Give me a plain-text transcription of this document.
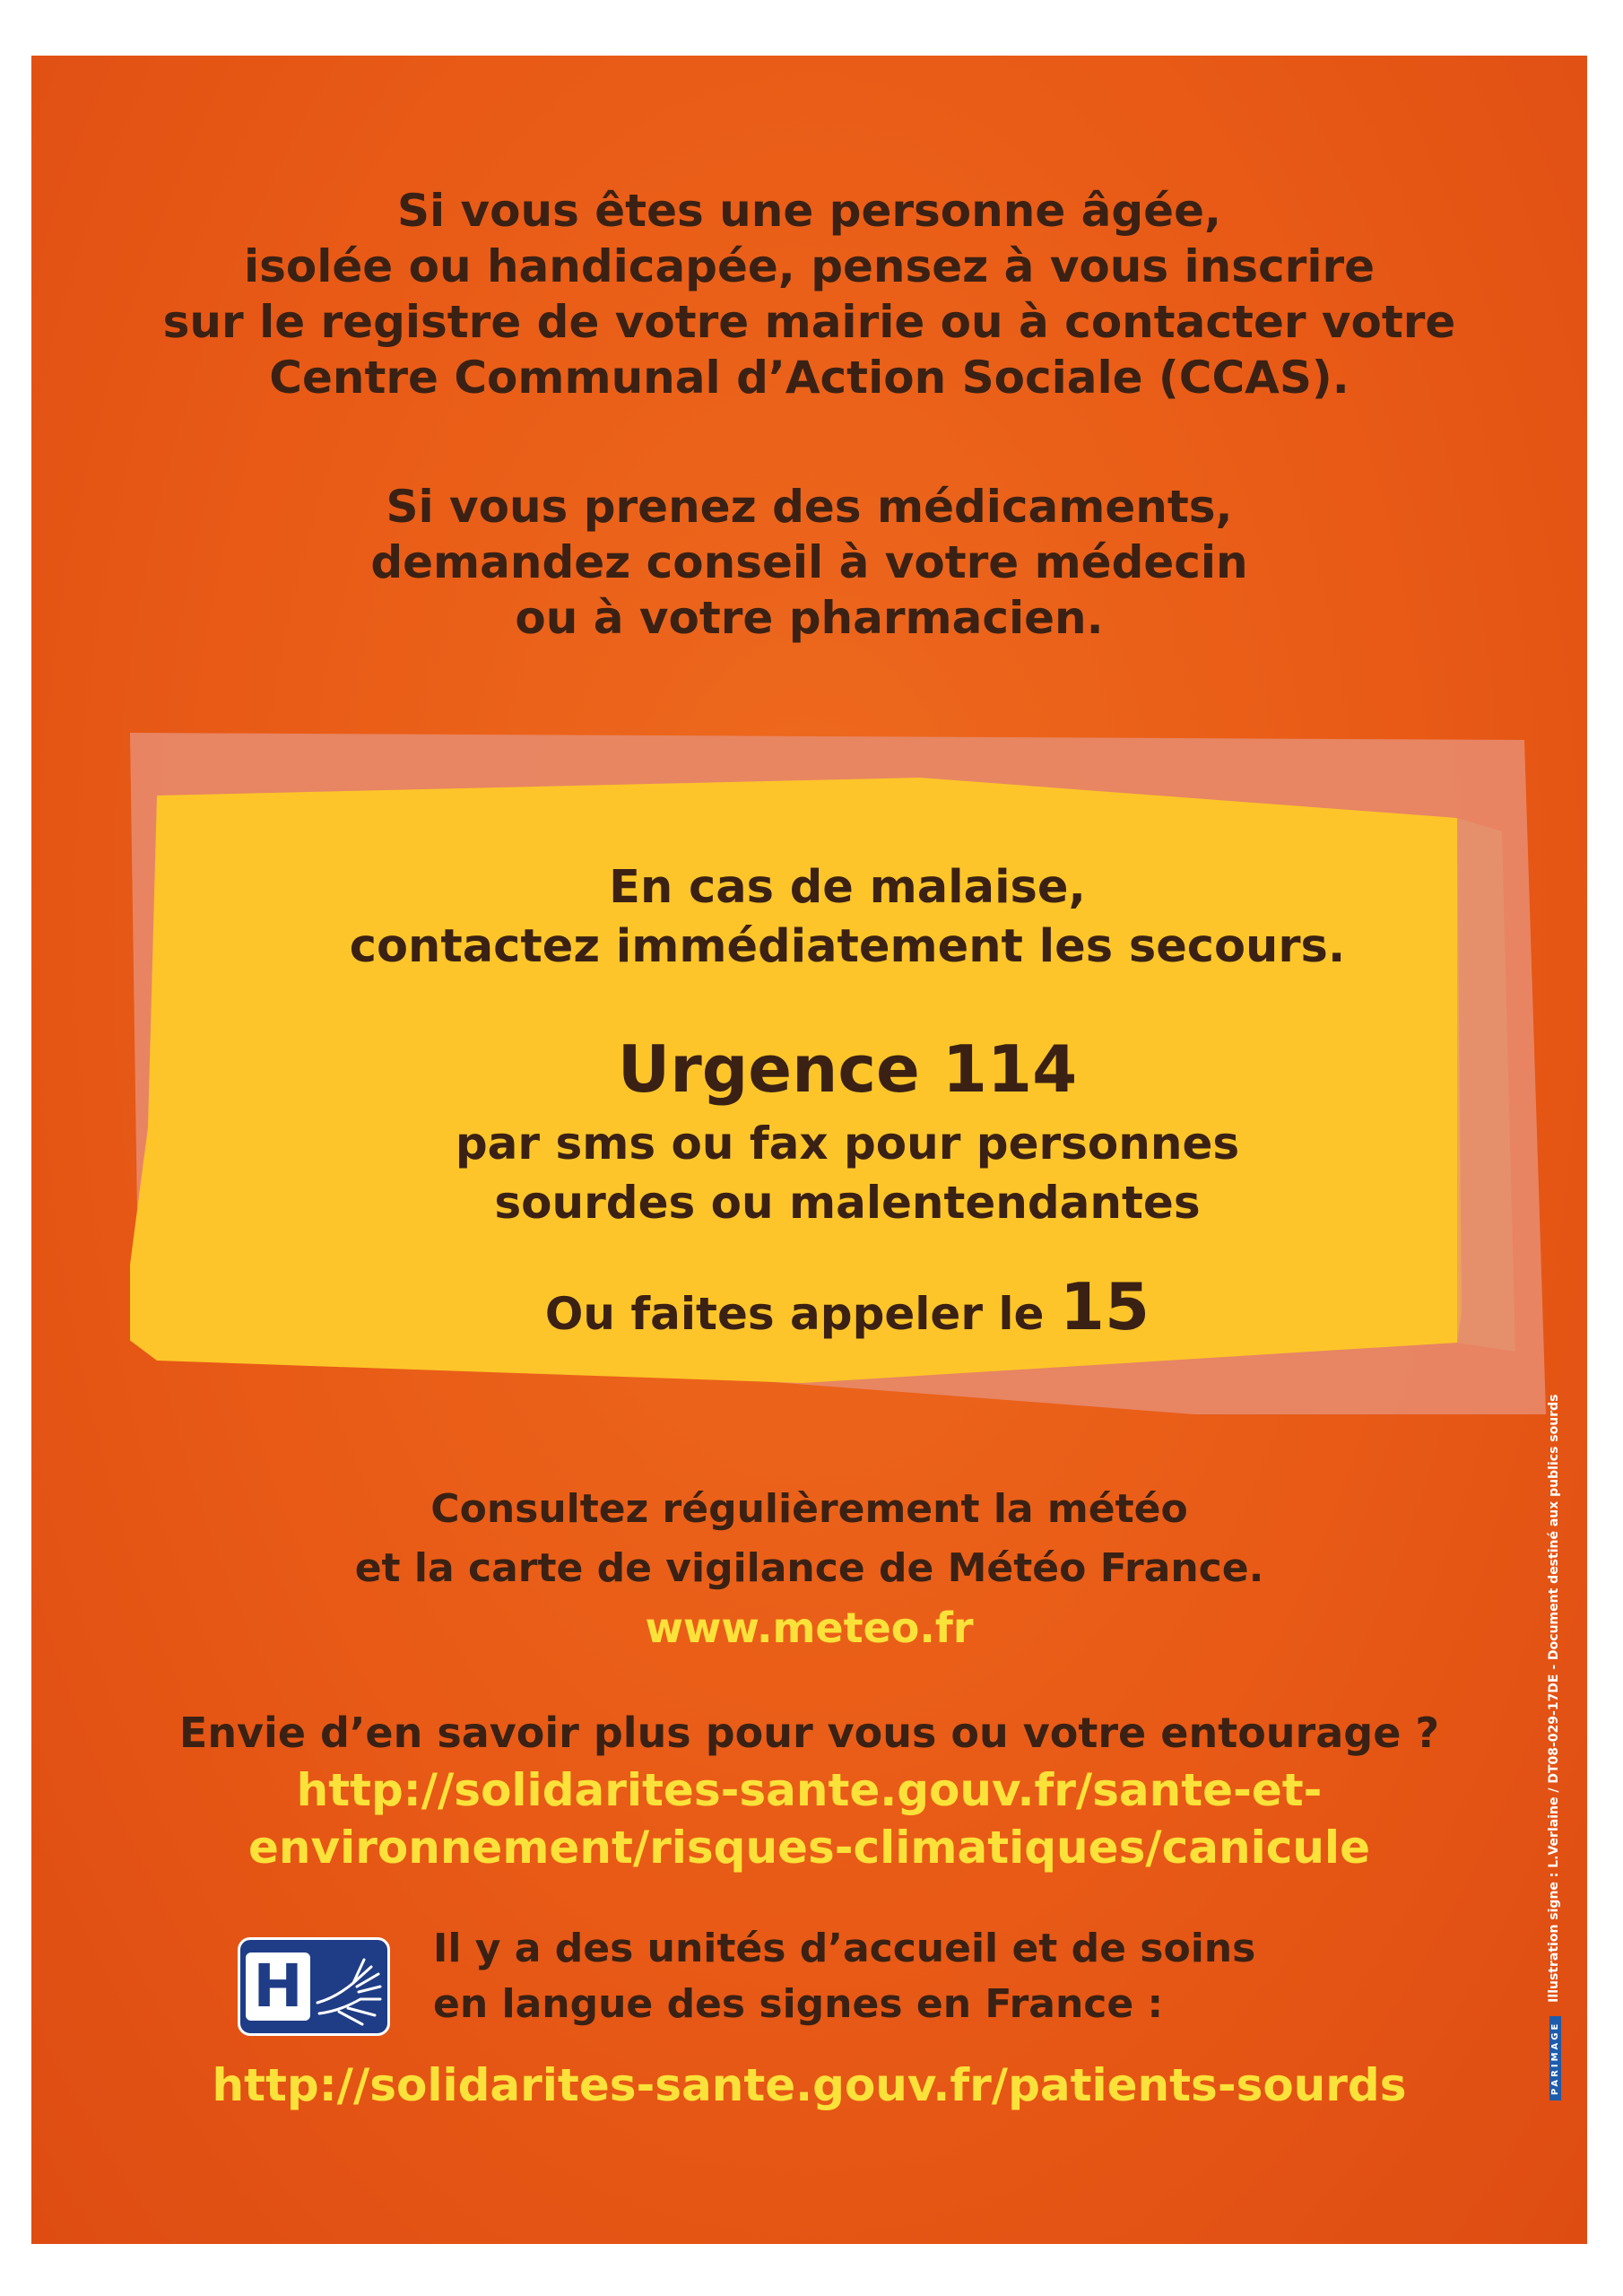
Si vous êtes une personne âgée,
isolée ou handicapée, pensez à vous inscrire
sur le registre de votre mairie ou à contacter votre
Centre Communal d’Action Sociale (CCAS).
Si vous prenez des médicaments,
demandez conseil à votre médecin
ou à votre pharmacien.
En cas de malaise,
contactez immédiatement les secours.
Urgence 114
par sms ou fax pour personnes
sourdes ou malentendantes
Ou faites appeler le 15
Consultez régulièrement la météo
et la carte de vigilance de Météo France.
www.meteo.fr
Envie d’en savoir plus pour vous ou votre entourage ?
http://solidarites-sante.gouv.fr/sante-et-
environnement/risques-climatiques/canicule
H
Il y a des unités d’accueil et de soins
en langue des signes en France :
http://solidarites-sante.gouv.fr/patients-sourds	PARIMAGE Illustration signe : L.Verlaine / DT08-029-17DE - Document destiné aux publics sourds
